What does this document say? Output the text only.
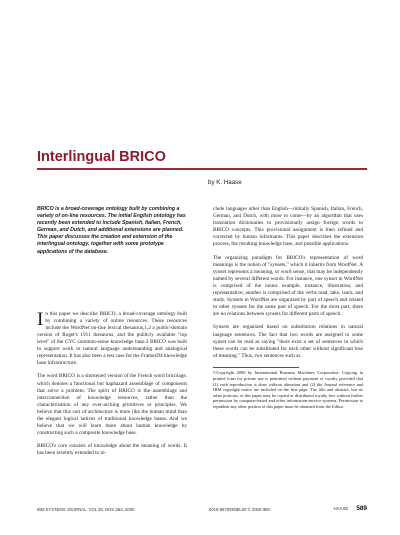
Interlingual BRICO
by K. Haase
BRICO is a broad-coverage ontology built by combining a variety of on-line resources. The initial English ontology has recently been extended to include Spanish, Italian, French, German, and Dutch, and additional extensions are planned. This paper discusses the creation and extension of the interlingual ontology, together with some prototype applications of the database.

In this paper we describe BRICO, a broad-coverage ontology built by combining a variety of online resources. These resources include the WordNet on-line lexical thesaurus,1,2 a public-domain version of Roget's 1911 thesaurus, and the publicly available "top level" of the CYC common-sense knowledge base.3 BRICO was built to support work in natural language understanding and analogical representation. It has also been a test case for the FramerD4 knowledge base infrastructure.

The word BRICO is a shortened version of the French word bricolage, which denotes a functional but haphazard assemblage of components that solve a problem. The spirit of BRICO is the assemblage and interconnection of knowledge resources, rather than the characterization of any over-arching primitives or principles. We believe that this sort of architecture is more like the human mind than the elegant logical lattices of traditional knowledge bases. And we believe that we will learn more about human knowledge by constructing such a composite knowledge base.

BRICO's core consists of knowledge about the meaning of words. It has been recently extended to in-

clude languages other than English—initially Spanish, Italian, French, German, and Dutch, with more to come—by an algorithm that uses translation dictionaries to provisionally assign foreign words to BRICO concepts. This provisional assignment is then refined and corrected by human informants. This paper describes the extension process, the resulting knowledge base, and possible applications.

The organizing paradigm for BRICO's representation of word meanings is the notion of "synsets," which it inherits from WordNet. A synset represents a meaning, or word sense, that may be independently named by several different words. For instance, one synset in WordNet is comprised of the nouns example, instance, illustration, and representative; another is comprised of the verbs read, take, learn, and study. Synsets in WordNet are organized by part of speech and related to other synsets for the same part of speech. For the most part, there are no relations between synsets for different parts of speech.

Synsets are organized based on substitution relations in natural language sentences. The fact that two words are assigned to some synset can be read as saying "there exist a set of sentences in which these words can be substituted for each other without significant loss of meaning." Thus, two sentences such as

©Copyright 2000 by International Business Machines Corporation. Copying in printed form for private use is permitted without payment of royalty provided that (1) each reproduction is done without alteration and (2) the Journal reference and IBM copyright notice are included on the first page. The title and abstract, but no other portions, of this paper may be copied or distributed royalty free without further permission by computer-based and other information-service systems. Permission to republish any other portion of this paper must be obtained from the Editor.
IBM SYSTEMS JOURNAL, VOL 39, NOS 3&4, 2000	0018-8670/00/$5.00 © 2000 IBM	HAASE 589
